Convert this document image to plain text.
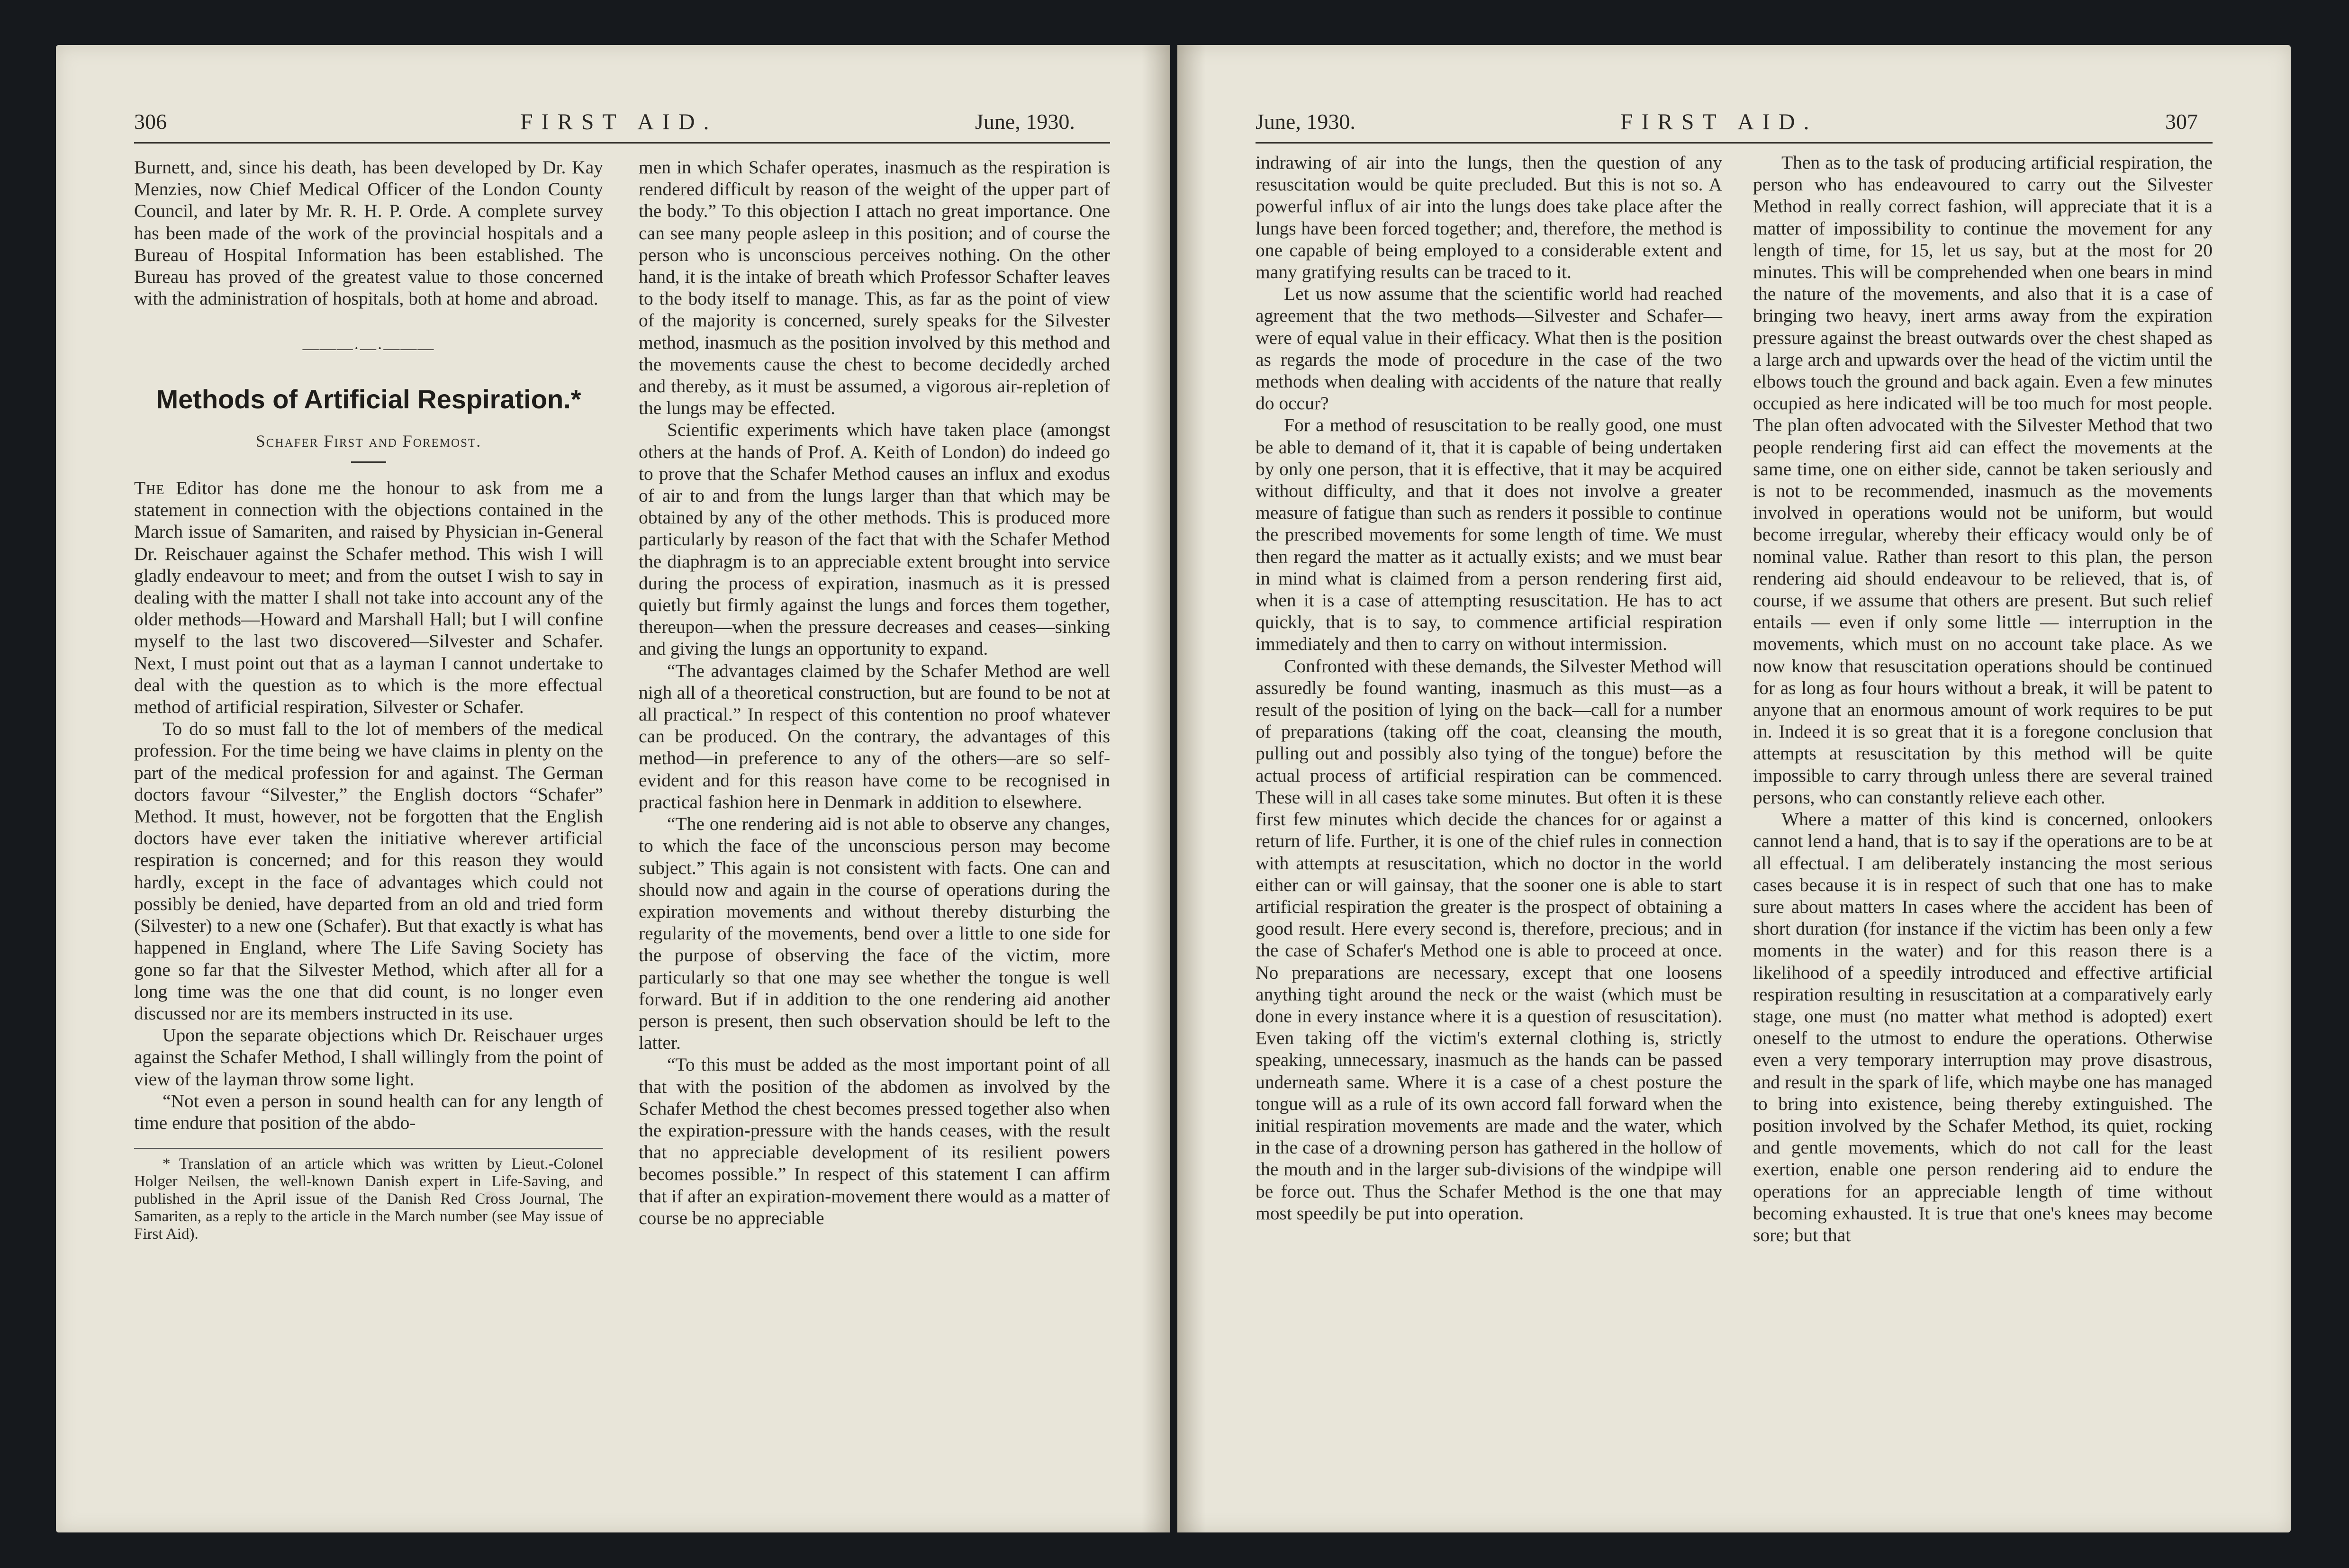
306	FIRST AID.	June, 1930.

Burnett, and, since his death, has been developed by Dr. Kay Menzies, now Chief Medical Officer of the London County Council, and later by Mr. R. H. P. Orde. A complete survey has been made of the work of the provincial hospitals and a Bureau of Hospital Information has been established. The Bureau has proved of the greatest value to those concerned with the administration of hospitals, both at home and abroad.

———·—·———
Methods of Artificial Respiration.*
Schafer First and Foremost.

The Editor has done me the honour to ask from me a statement in connection with the objections contained in the March issue of Samariten, and raised by Physician in-General Dr. Reischauer against the Schafer method. This wish I will gladly endeavour to meet; and from the outset I wish to say in dealing with the matter I shall not take into account any of the older methods—Howard and Marshall Hall; but I will confine myself to the last two discovered—Silvester and Schafer. Next, I must point out that as a layman I cannot undertake to deal with the question as to which is the more effectual method of artificial respiration, Silvester or Schafer.

To do so must fall to the lot of members of the medical profession. For the time being we have claims in plenty on the part of the medical profession for and against. The German doctors favour “Silvester,” the English doctors “Schafer” Method. It must, however, not be forgotten that the English doctors have ever taken the initiative wherever artificial respiration is concerned; and for this reason they would hardly, except in the face of advantages which could not possibly be denied, have departed from an old and tried form (Silvester) to a new one (Schafer). But that exactly is what has happened in England, where The Life Saving Society has gone so far that the Silvester Method, which after all for a long time was the one that did count, is no longer even discussed nor are its members instructed in its use.

Upon the separate objections which Dr. Reischauer urges against the Schafer Method, I shall willingly from the point of view of the layman throw some light.

“Not even a person in sound health can for any length of time endure that position of the abdo-

* Translation of an article which was written by Lieut.-Colonel Holger Neilsen, the well-known Danish expert in Life-Saving, and published in the April issue of the Danish Red Cross Journal, The Samariten, as a reply to the article in the March number (see May issue of First Aid).

men in which Schafer operates, inasmuch as the respiration is rendered difficult by reason of the weight of the upper part of the body.” To this objection I attach no great importance. One can see many people asleep in this position; and of course the person who is unconscious perceives nothing. On the other hand, it is the intake of breath which Professor Schafter leaves to the body itself to manage. This, as far as the point of view of the majority is concerned, surely speaks for the Silvester method, inasmuch as the position involved by this method and the movements cause the chest to become decidedly arched and thereby, as it must be assumed, a vigorous air-repletion of the lungs may be effected.

Scientific experiments which have taken place (amongst others at the hands of Prof. A. Keith of London) do indeed go to prove that the Schafer Method causes an influx and exodus of air to and from the lungs larger than that which may be obtained by any of the other methods. This is produced more particularly by reason of the fact that with the Schafer Method the diaphragm is to an appreciable extent brought into service during the process of expiration, inasmuch as it is pressed quietly but firmly against the lungs and forces them together, thereupon—when the pressure decreases and ceases—sinking and giving the lungs an opportunity to expand.

“The advantages claimed by the Schafer Method are well nigh all of a theoretical construction, but are found to be not at all practical.” In respect of this contention no proof whatever can be produced. On the contrary, the advantages of this method—in preference to any of the others—are so self-evident and for this reason have come to be recognised in practical fashion here in Denmark in addition to elsewhere.

“The one rendering aid is not able to observe any changes, to which the face of the unconscious person may become subject.” This again is not consistent with facts. One can and should now and again in the course of operations during the expiration movements and without thereby disturbing the regularity of the movements, bend over a little to one side for the purpose of observing the face of the victim, more particularly so that one may see whether the tongue is well forward. But if in addition to the one rendering aid another person is present, then such observation should be left to the latter.

“To this must be added as the most important point of all that with the position of the abdomen as involved by the Schafer Method the chest becomes pressed together also when the expiration-pressure with the hands ceases, with the result that no appreciable development of its resilient powers becomes possible.” In respect of this statement I can affirm that if after an expiration-movement there would as a matter of course be no appreciable

June, 1930.	FIRST AID.	307

indrawing of air into the lungs, then the question of any resuscitation would be quite precluded. But this is not so. A powerful influx of air into the lungs does take place after the lungs have been forced together; and, therefore, the method is one capable of being employed to a considerable extent and many gratifying results can be traced to it.

Let us now assume that the scientific world had reached agreement that the two methods—Silvester and Schafer—were of equal value in their efficacy. What then is the position as regards the mode of procedure in the case of the two methods when dealing with accidents of the nature that really do occur?

For a method of resuscitation to be really good, one must be able to demand of it, that it is capable of being undertaken by only one person, that it is effective, that it may be acquired without difficulty, and that it does not involve a greater measure of fatigue than such as renders it possible to continue the prescribed movements for some length of time. We must then regard the matter as it actually exists; and we must bear in mind what is claimed from a person rendering first aid, when it is a case of attempting resuscitation. He has to act quickly, that is to say, to commence artificial respiration immediately and then to carry on without intermission.

Confronted with these demands, the Silvester Method will assuredly be found wanting, inasmuch as this must—as a result of the position of lying on the back—call for a number of preparations (taking off the coat, cleansing the mouth, pulling out and possibly also tying of the tongue) before the actual process of artificial respiration can be commenced. These will in all cases take some minutes. But often it is these first few minutes which decide the chances for or against a return of life. Further, it is one of the chief rules in connection with attempts at resuscitation, which no doctor in the world either can or will gainsay, that the sooner one is able to start artificial respiration the greater is the prospect of obtaining a good result. Here every second is, therefore, precious; and in the case of Schafer's Method one is able to proceed at once. No preparations are necessary, except that one loosens anything tight around the neck or the waist (which must be done in every instance where it is a question of resuscitation). Even taking off the victim's external clothing is, strictly speaking, unnecessary, inasmuch as the hands can be passed underneath same. Where it is a case of a chest posture the tongue will as a rule of its own accord fall forward when the initial respiration movements are made and the water, which in the case of a drowning person has gathered in the hollow of the mouth and in the larger sub-divisions of the windpipe will be force out. Thus the Schafer Method is the one that may most speedily be put into operation.

Then as to the task of producing artificial respiration, the person who has endeavoured to carry out the Silvester Method in really correct fashion, will appreciate that it is a matter of impossibility to continue the movement for any length of time, for 15, let us say, but at the most for 20 minutes. This will be comprehended when one bears in mind the nature of the movements, and also that it is a case of bringing two heavy, inert arms away from the expiration pressure against the breast outwards over the chest shaped as a large arch and upwards over the head of the victim until the elbows touch the ground and back again. Even a few minutes occupied as here indicated will be too much for most people. The plan often advocated with the Silvester Method that two people rendering first aid can effect the movements at the same time, one on either side, cannot be taken seriously and is not to be recommended, inasmuch as the movements involved in operations would not be uniform, but would become irregular, whereby their efficacy would only be of nominal value. Rather than resort to this plan, the person rendering aid should endeavour to be relieved, that is, of course, if we assume that others are present. But such relief entails — even if only some little — interruption in the movements, which must on no account take place. As we now know that resuscitation operations should be continued for as long as four hours without a break, it will be patent to anyone that an enormous amount of work requires to be put in. Indeed it is so great that it is a foregone conclusion that attempts at resuscitation by this method will be quite impossible to carry through unless there are several trained persons, who can constantly relieve each other.

Where a matter of this kind is concerned, onlookers cannot lend a hand, that is to say if the operations are to be at all effectual. I am deliberately instancing the most serious cases because it is in respect of such that one has to make sure about matters In cases where the accident has been of short duration (for instance if the victim has been only a few moments in the water) and for this reason there is a likelihood of a speedily introduced and effective artificial respiration resulting in resuscitation at a comparatively early stage, one must (no matter what method is adopted) exert oneself to the utmost to endure the operations. Otherwise even a very temporary interruption may prove disastrous, and result in the spark of life, which maybe one has managed to bring into existence, being thereby extinguished. The position involved by the Schafer Method, its quiet, rocking and gentle movements, which do not call for the least exertion, enable one person rendering aid to endure the operations for an appreciable length of time without becoming exhausted. It is true that one's knees may become sore; but that
